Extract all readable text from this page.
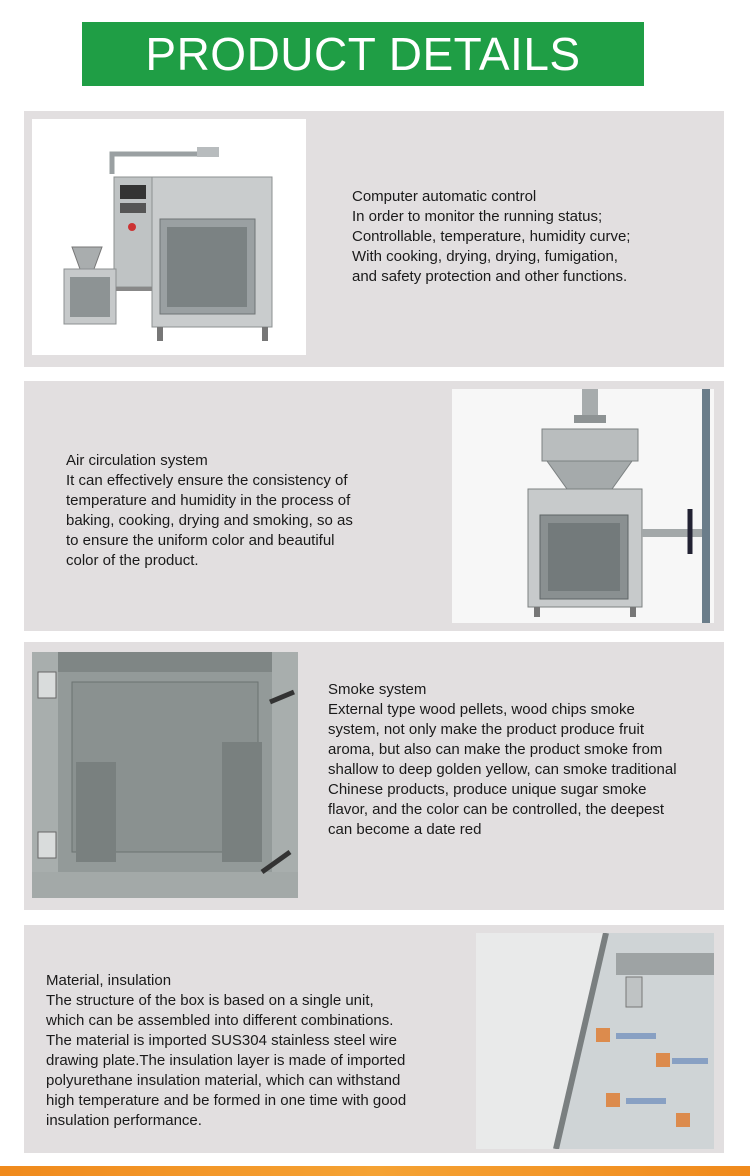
PRODUCT DETAILS
Computer automatic control
In order to monitor the running status;
Controllable, temperature, humidity curve;
With cooking, drying, drying, fumigation,
and safety protection and other functions.
Air circulation system
It can effectively ensure the consistency of
temperature and humidity in the process of
baking, cooking, drying and smoking, so as
to ensure the uniform color and beautiful
color of the product.
Smoke system
External type wood pellets, wood chips smoke
system, not only make the product produce fruit
aroma, but also can make the product smoke from
shallow to deep golden yellow, can smoke traditional
Chinese products, produce unique sugar smoke
flavor, and the color can be controlled, the deepest
can become a date red
Material, insulation
The structure of the box is based on a single unit,
which can be assembled into different combinations.
The material is imported SUS304 stainless steel wire
drawing plate.The insulation layer is made of imported
polyurethane insulation material, which can withstand
high temperature and be formed in one time with good
insulation performance.
